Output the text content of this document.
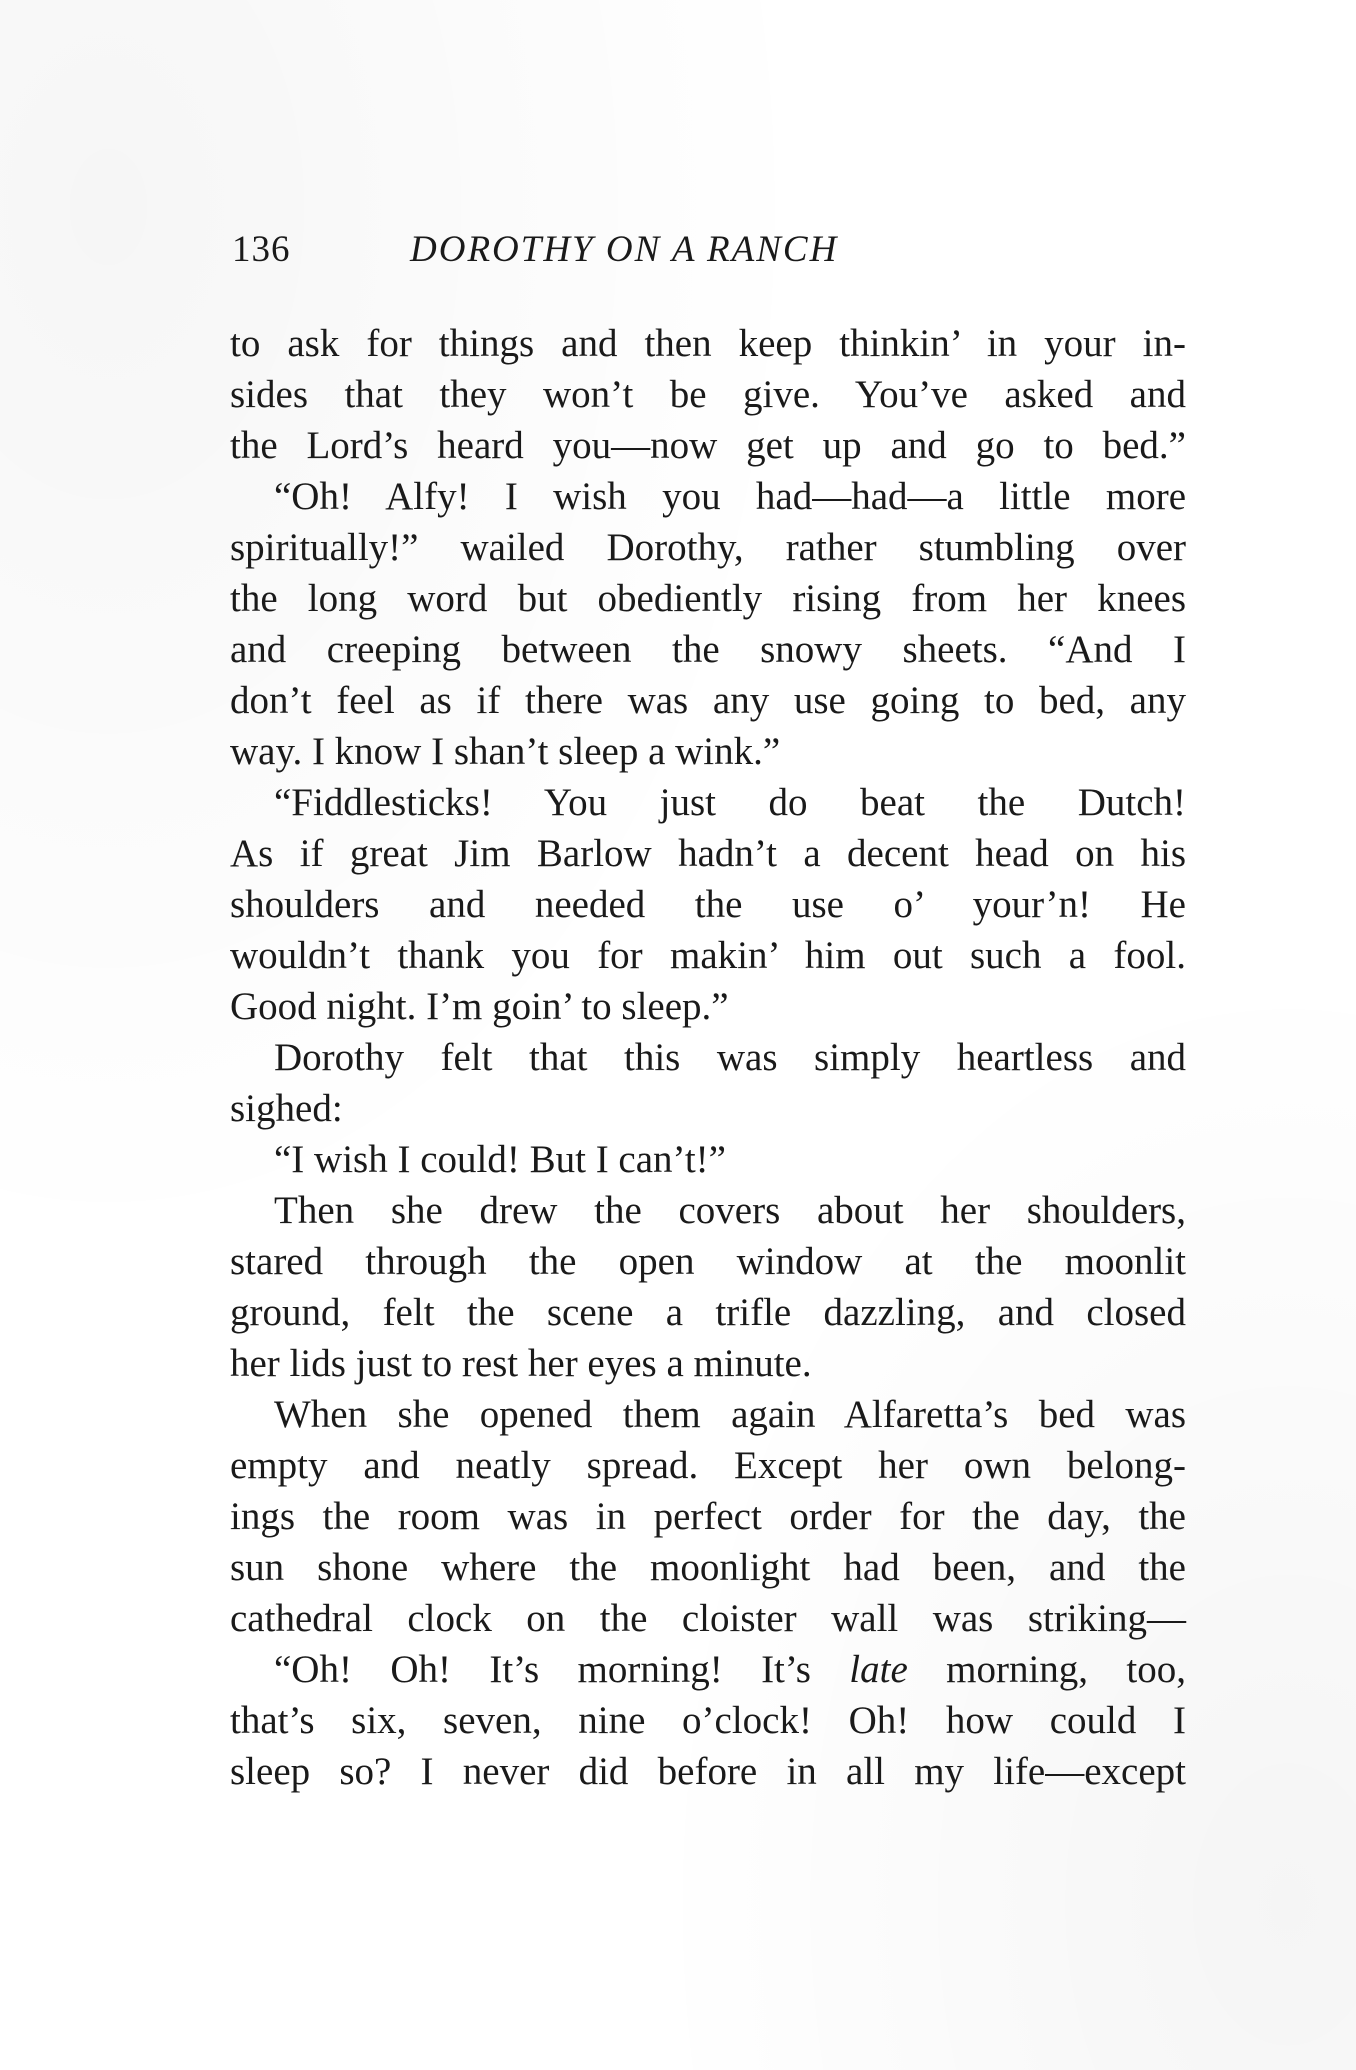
136	DOROTHY ON A RANCH
to ask for things and then keep thinkin’ in your in-
sides that they won’t be give. You’ve asked and
the Lord’s heard you—now get up and go to bed.”
“Oh! Alfy! I wish you had—had—a little more
spiritually!” wailed Dorothy, rather stumbling over
the long word but obediently rising from her knees
and creeping between the snowy sheets. “And I
don’t feel as if there was any use going to bed, any
way. I know I shan’t sleep a wink.”
“Fiddlesticks! You just do beat the Dutch!
As if great Jim Barlow hadn’t a decent head on his
shoulders and needed the use o’ your’n! He
wouldn’t thank you for makin’ him out such a fool.
Good night. I’m goin’ to sleep.”
Dorothy felt that this was simply heartless and
sighed:
“I wish I could! But I can’t!”
Then she drew the covers about her shoulders,
stared through the open window at the moonlit
ground, felt the scene a trifle dazzling, and closed
her lids just to rest her eyes a minute.
When she opened them again Alfaretta’s bed was
empty and neatly spread. Except her own belong-
ings the room was in perfect order for the day, the
sun shone where the moonlight had been, and the
cathedral clock on the cloister wall was striking—
“Oh! Oh! It’s morning! It’s late morning, too,
that’s six, seven, nine o’clock! Oh! how could I
sleep so? I never did before in all my life—except
